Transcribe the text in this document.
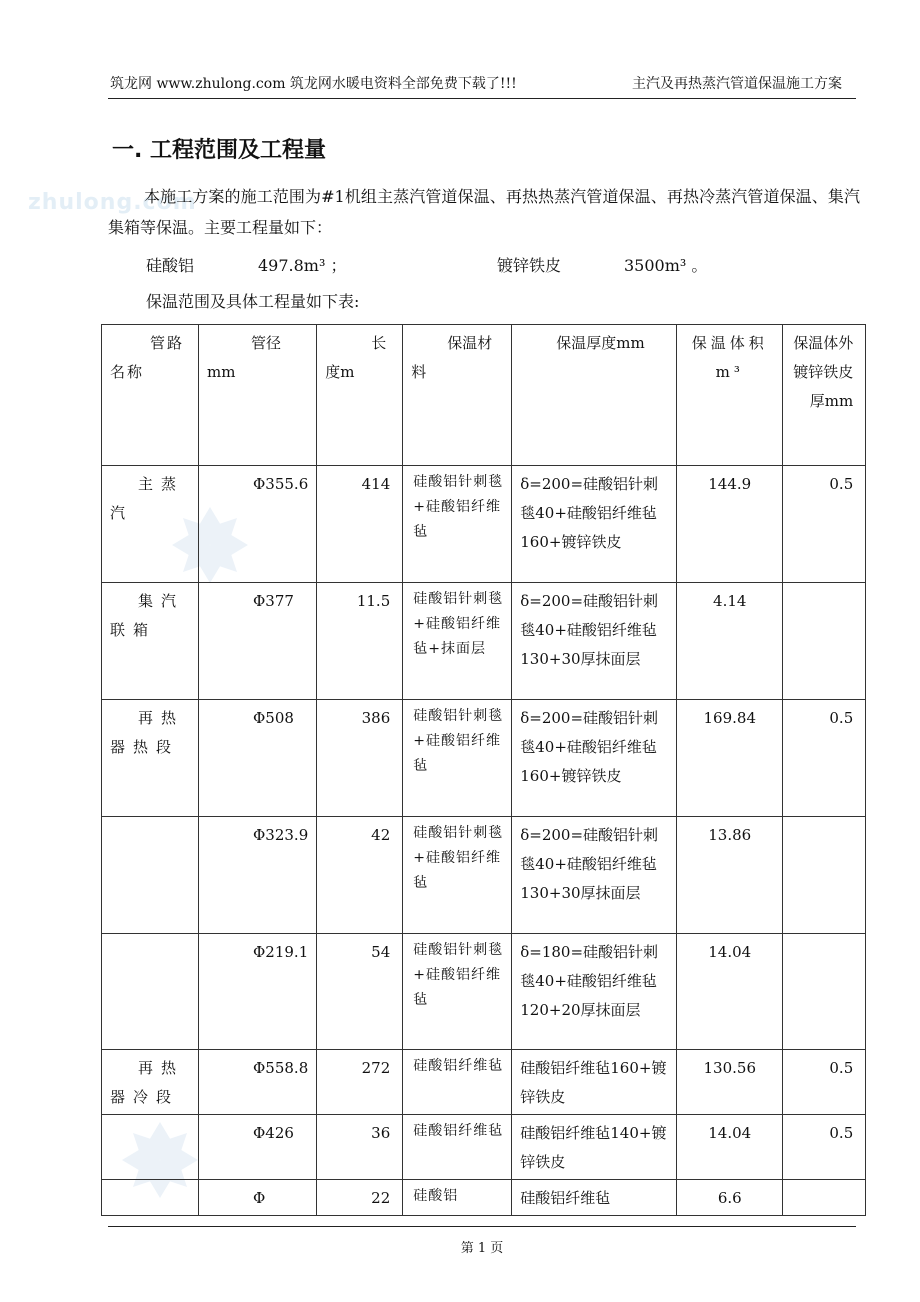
筑龙网 www.zhulong.com 筑龙网水暖电资料全部免费下载了!!!	主汽及再热蒸汽管道保温施工方案
zhulong.com
一. 工程范围及工程量
本施工方案的施工范围为#1机组主蒸汽管道保温、再热热蒸汽管道保温、再热冷蒸汽管道保温、集汽集箱等保温。主要工程量如下：
硅酸铝	497.8m³ ；	镀锌铁皮	3500m³ 。
保温范围及具体工程量如下表:
管路名称	管径mm	长度m	保温材料	保温厚度mm	保温体积m³	保温体外镀锌铁皮厚mm
主蒸汽	Φ355.6	414	硅酸铝针刺毯+硅酸铝纤维毡	δ=200=硅酸铝针刺毯40+硅酸铝纤维毡160+镀锌铁皮	144.9	0.5
集汽联箱	Φ377	11.5	硅酸铝针刺毯+硅酸铝纤维毡+抹面层	δ=200=硅酸铝针刺毯40+硅酸铝纤维毡130+30厚抹面层	4.14	
再热器热段	Φ508	386	硅酸铝针刺毯+硅酸铝纤维毡	δ=200=硅酸铝针刺毯40+硅酸铝纤维毡160+镀锌铁皮	169.84	0.5
	Φ323.9	42	硅酸铝针刺毯+硅酸铝纤维毡	δ=200=硅酸铝针刺毯40+硅酸铝纤维毡130+30厚抹面层	13.86	
	Φ219.1	54	硅酸铝针刺毯+硅酸铝纤维毡	δ=180=硅酸铝针刺毯40+硅酸铝纤维毡120+20厚抹面层	14.04	
再热器冷段	Φ558.8	272	硅酸铝纤维毡	硅酸铝纤维毡160+镀锌铁皮	130.56	0.5
	Φ426	36	硅酸铝纤维毡	硅酸铝纤维毡140+镀锌铁皮	14.04	0.5
	Φ	22	硅酸铝	硅酸铝纤维毡	6.6	
第 1 页
